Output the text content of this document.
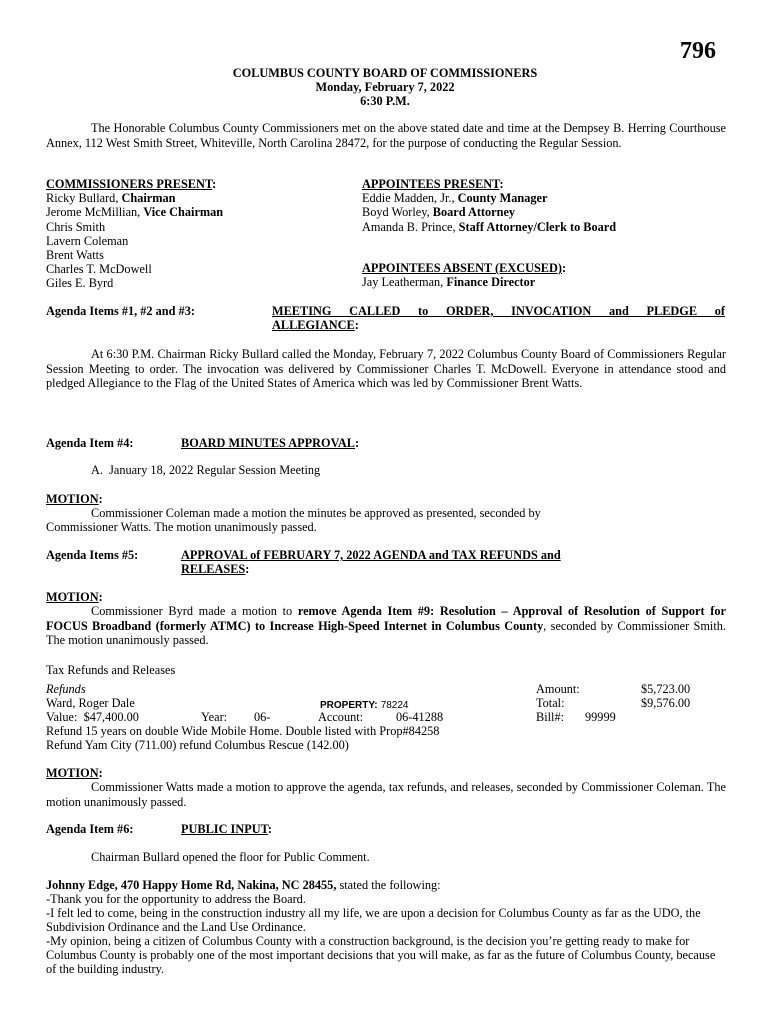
796
COLUMBUS COUNTY BOARD OF COMMISSIONERS
Monday, February 7, 2022
6:30 P.M.
The Honorable Columbus County Commissioners met on the above stated date and time at the Dempsey B. Herring Courthouse Annex, 112 West Smith Street, Whiteville, North Carolina 28472, for the purpose of conducting the Regular Session.
COMMISSIONERS PRESENT:
Ricky Bullard, Chairman
Jerome McMillian, Vice Chairman
Chris Smith
Lavern Coleman
Brent Watts
Charles T. McDowell
Giles E. Byrd
APPOINTEES PRESENT:
Eddie Madden, Jr., County Manager
Boyd Worley, Board Attorney
Amanda B. Prince, Staff Attorney/Clerk to Board
APPOINTEES ABSENT (EXCUSED):
Jay Leatherman, Finance Director
Agenda Items #1, #2 and #3:	MEETING CALLED to ORDER, INVOCATION and PLEDGE of
ALLEGIANCE:
At 6:30 P.M. Chairman Ricky Bullard called the Monday, February 7, 2022 Columbus County Board of Commissioners Regular Session Meeting to order. The invocation was delivered by Commissioner Charles T. McDowell. Everyone in attendance stood and pledged Allegiance to the Flag of the United States of America which was led by Commissioner Brent Watts.
Agenda Item #4:	BOARD MINUTES APPROVAL:
A.  January 18, 2022 Regular Session Meeting
MOTION:
Commissioner Coleman made a motion the minutes be approved as presented, seconded by
Commissioner Watts. The motion unanimously passed.
Agenda Items #5:	APPROVAL of FEBRUARY 7, 2022 AGENDA and TAX REFUNDS and
RELEASES:
MOTION:
Commissioner Byrd made a motion to remove Agenda Item #9: Resolution – Approval of Resolution of Support for FOCUS Broadband (formerly ATMC) to Increase High-Speed Internet in Columbus County, seconded by Commissioner Smith. The motion unanimously passed.
Tax Refunds and Releases
Refunds
Ward, Roger Dale	PROPERTY: 78224
Value:  $47,400.00	Year: 06-	Account:	06-41288
Refund 15 years on double Wide Mobile Home. Double listed with Prop#84258
Refund Yam City (711.00) refund Columbus Rescue (142.00)
Amount:	$5,723.00
Total:	$9,576.00
Bill#: 99999
MOTION:
Commissioner Watts made a motion to approve the agenda, tax refunds, and releases, seconded by Commissioner Coleman. The motion unanimously passed.
Agenda Item #6:	PUBLIC INPUT:
Chairman Bullard opened the floor for Public Comment.
Johnny Edge, 470 Happy Home Rd, Nakina, NC 28455, stated the following:
-Thank you for the opportunity to address the Board.
-I felt led to come, being in the construction industry all my life, we are upon a decision for Columbus County as far as the UDO, the Subdivision Ordinance and the Land Use Ordinance.
-My opinion, being a citizen of Columbus County with a construction background, is the decision you’re getting ready to make for Columbus County is probably one of the most important decisions that you will make, as far as the future of Columbus County, because of the building industry.
